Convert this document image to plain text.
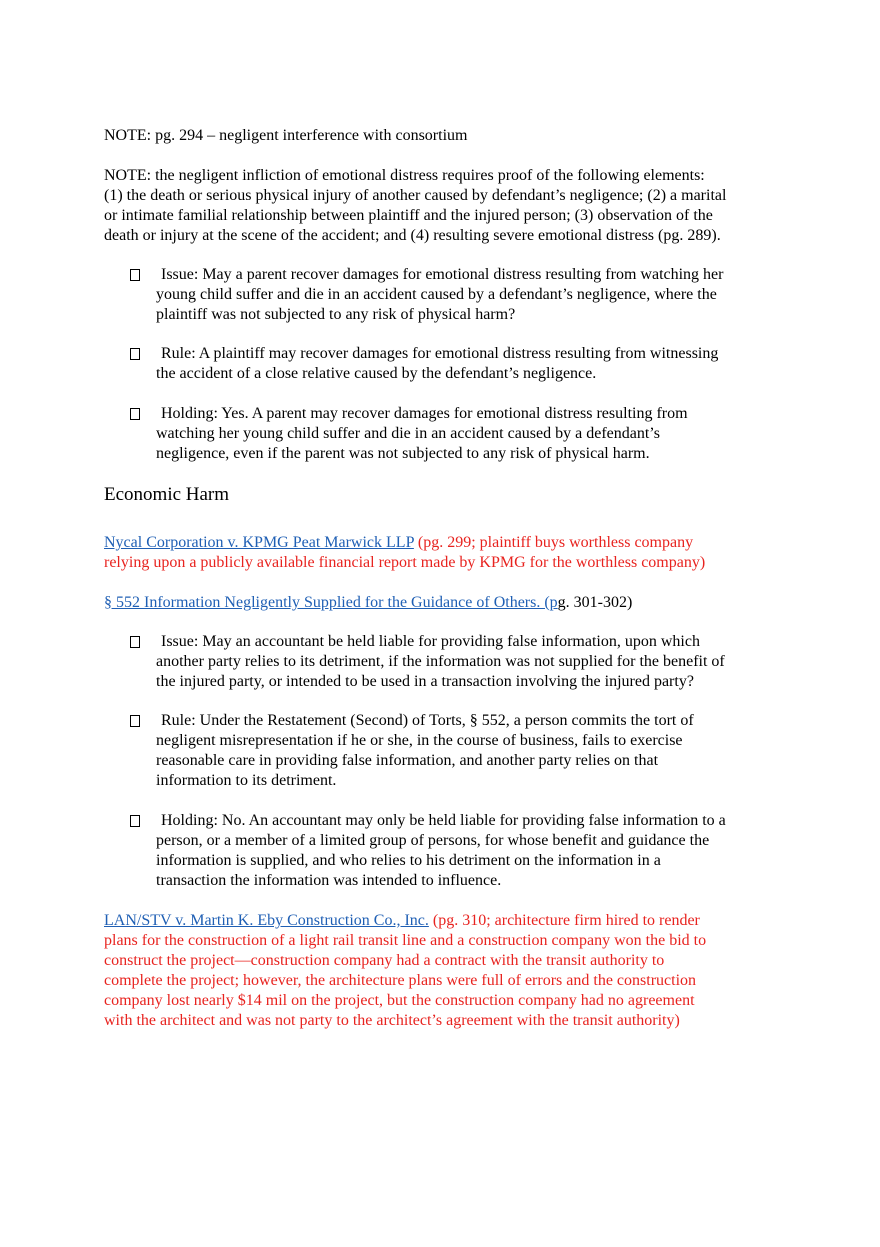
NOTE: pg. 294 – negligent interference with consortium

NOTE: the negligent infliction of emotional distress requires proof of the following elements:
(1) the death or serious physical injury of another caused by defendant’s negligence; (2) a marital
or intimate familial relationship between plaintiff and the injured person; (3) observation of the
death or injury at the scene of the accident; and (4) resulting severe emotional distress (pg. 289).

Issue: May a parent recover damages for emotional distress resulting from watching her
young child suffer and die in an accident caused by a defendant’s negligence, where the
plaintiff was not subjected to any risk of physical harm?
Rule: A plaintiff may recover damages for emotional distress resulting from witnessing
the accident of a close relative caused by the defendant’s negligence.
Holding: Yes. A parent may recover damages for emotional distress resulting from
watching her young child suffer and die in an accident caused by a defendant’s
negligence, even if the parent was not subjected to any risk of physical harm.
Economic Harm

Nycal Corporation v. KPMG Peat Marwick LLP (pg. 299; plaintiff buys worthless company
relying upon a publicly available financial report made by KPMG for the worthless company)

§ 552 Information Negligently Supplied for the Guidance of Others. (pg. 301-302)

Issue: May an accountant be held liable for providing false information, upon which
another party relies to its detriment, if the information was not supplied for the benefit of
the injured party, or intended to be used in a transaction involving the injured party?
Rule: Under the Restatement (Second) of Torts, § 552, a person commits the tort of
negligent misrepresentation if he or she, in the course of business, fails to exercise
reasonable care in providing false information, and another party relies on that
information to its detriment.
Holding: No. An accountant may only be held liable for providing false information to a
person, or a member of a limited group of persons, for whose benefit and guidance the
information is supplied, and who relies to his detriment on the information in a
transaction the information was intended to influence.

LAN/STV v. Martin K. Eby Construction Co., Inc. (pg. 310; architecture firm hired to render
plans for the construction of a light rail transit line and a construction company won the bid to
construct the project—construction company had a contract with the transit authority to
complete the project; however, the architecture plans were full of errors and the construction
company lost nearly $14 mil on the project, but the construction company had no agreement
with the architect and was not party to the architect’s agreement with the transit authority)
